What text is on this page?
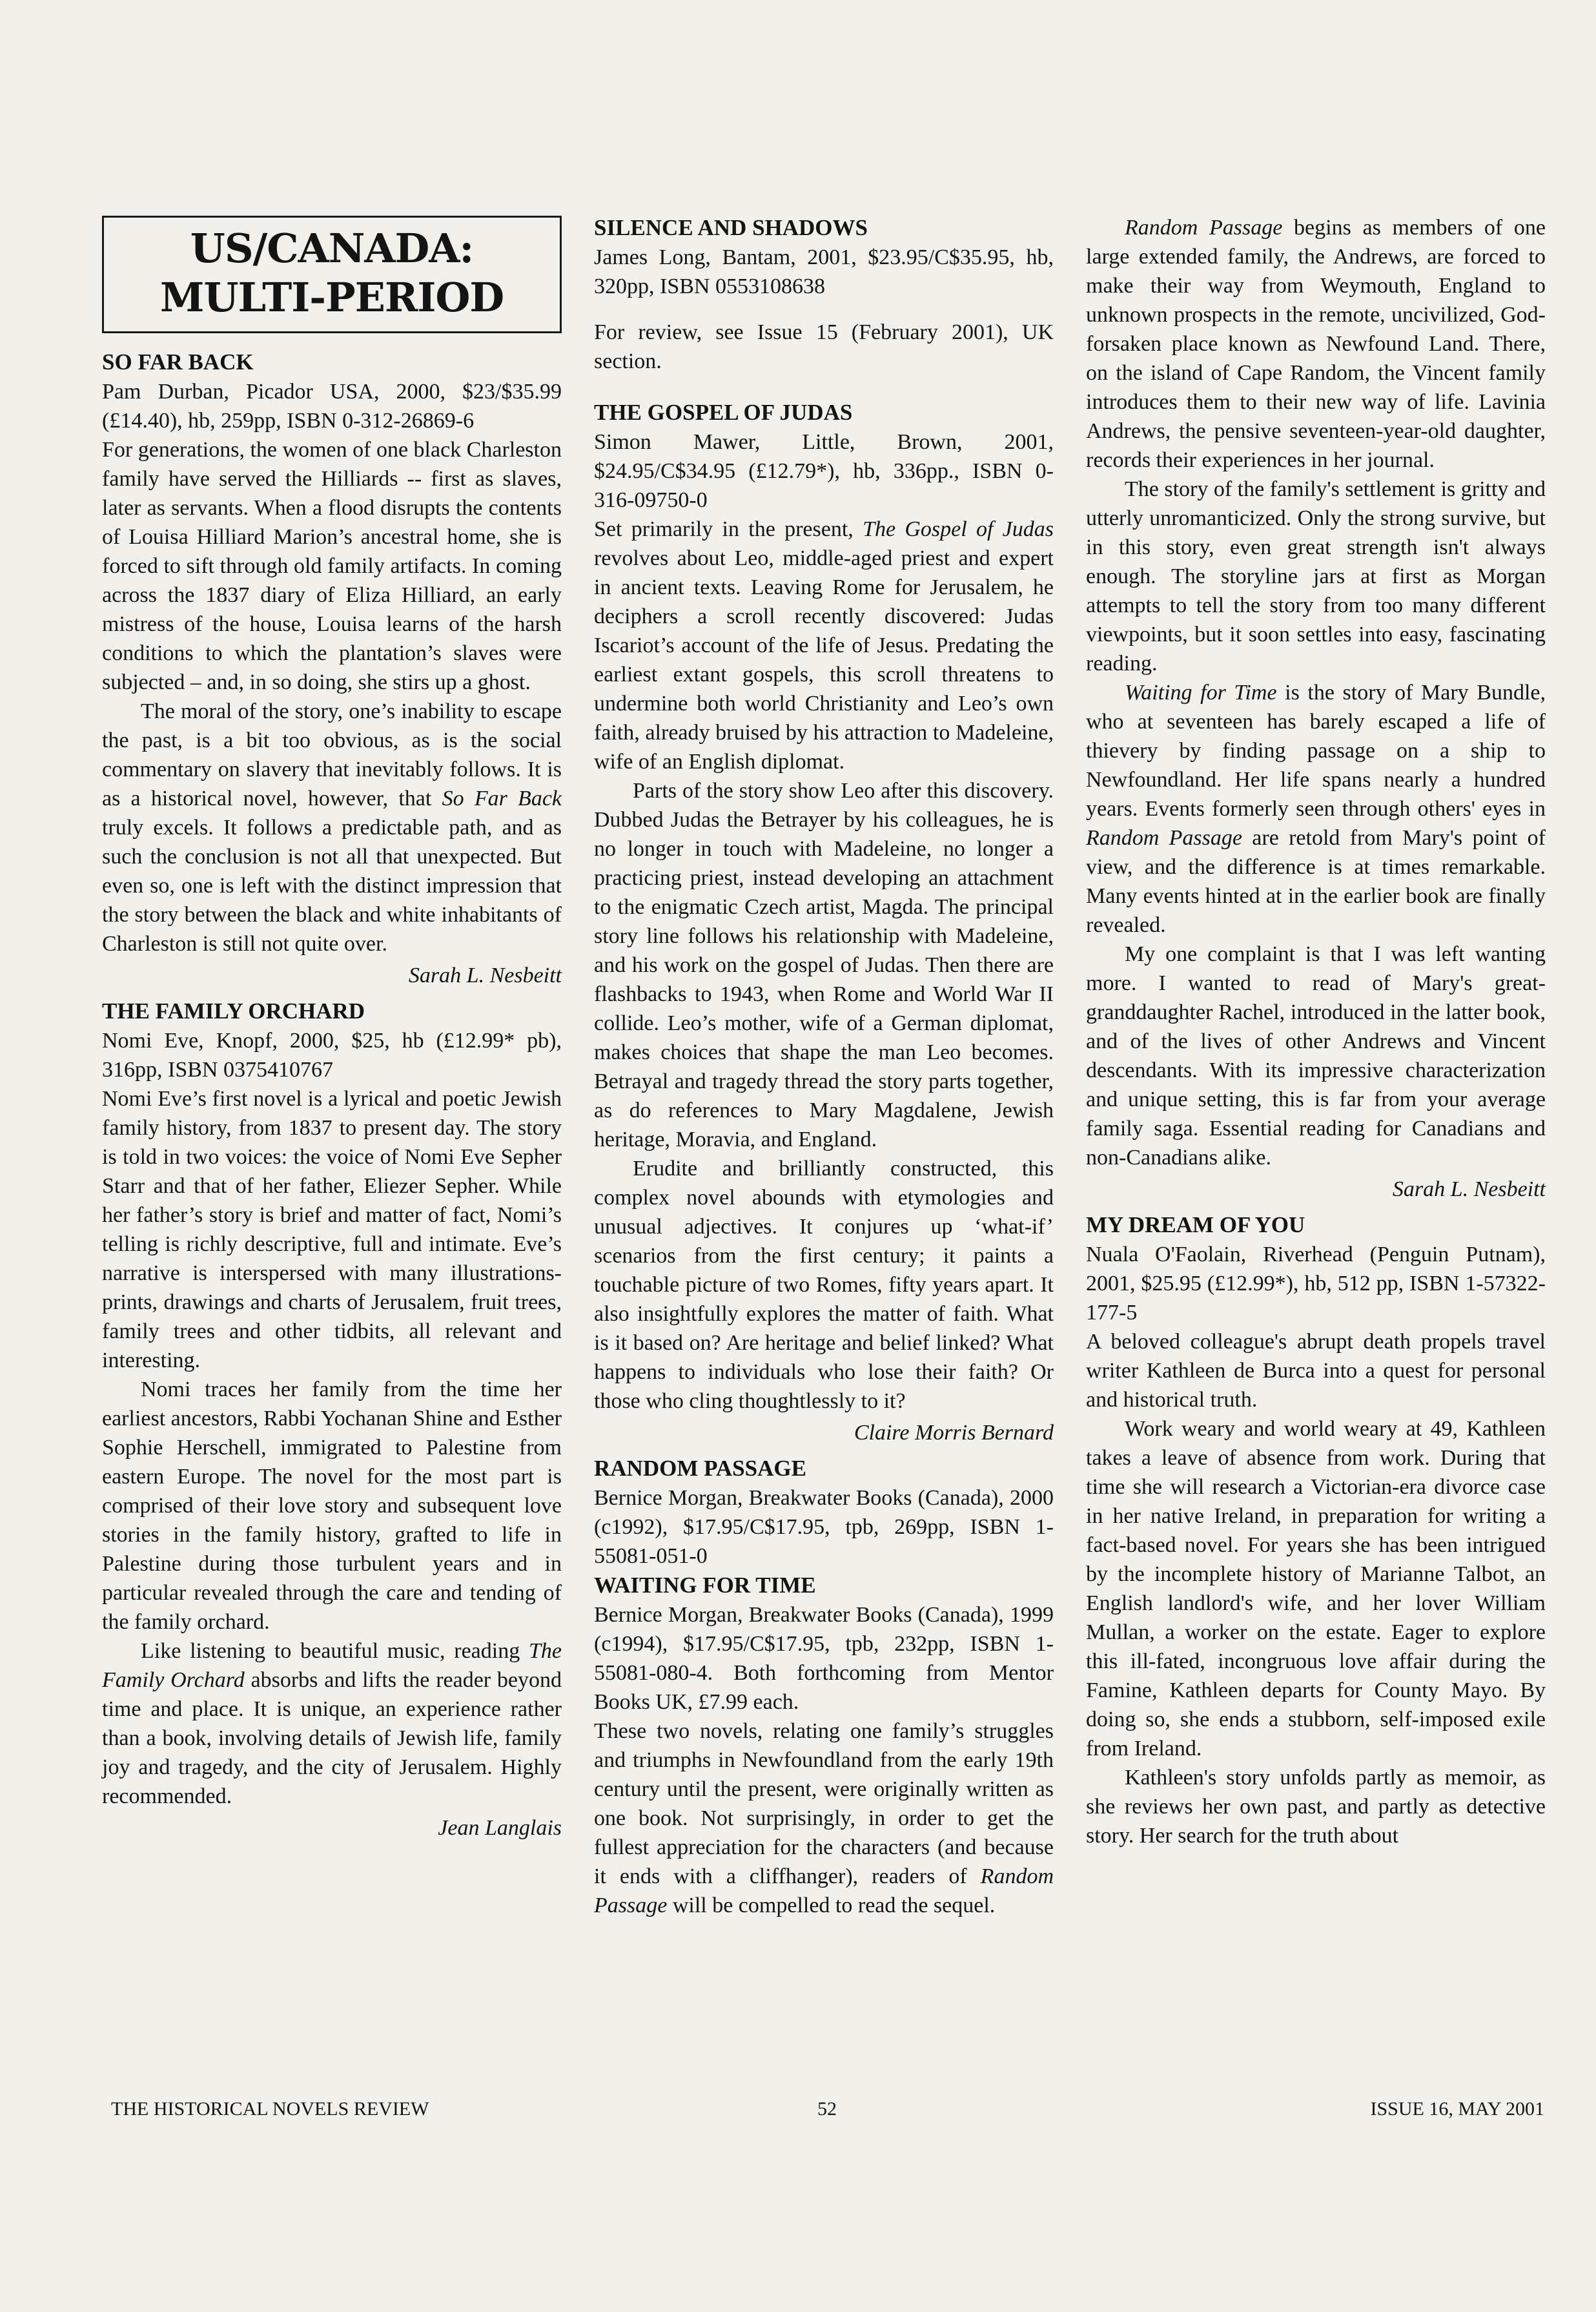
US/CANADA:
MULTI-PERIOD
SO FAR BACK

Pam Durban, Picador USA, 2000, $23/$35.99 (£14.40), hb, 259pp, ISBN 0-312-26869-6

For generations, the women of one black Charleston family have served the Hilliards -- first as slaves, later as servants. When a flood disrupts the contents of Louisa Hilliard Marion’s ancestral home, she is forced to sift through old family artifacts. In coming across the 1837 diary of Eliza Hilliard, an early mistress of the house, Louisa learns of the harsh conditions to which the plantation’s slaves were subjected – and, in so doing, she stirs up a ghost.

The moral of the story, one’s inability to escape the past, is a bit too obvious, as is the social commentary on slavery that inevitably follows. It is as a historical novel, however, that So Far Back truly excels. It follows a predictable path, and as such the conclusion is not all that unexpected. But even so, one is left with the distinct impression that the story between the black and white inhabitants of Charleston is still not quite over.

Sarah L. Nesbeitt

THE FAMILY ORCHARD

Nomi Eve, Knopf, 2000, $25, hb (£12.99* pb), 316pp, ISBN 0375410767

Nomi Eve’s first novel is a lyrical and poetic Jewish family history, from 1837 to present day. The story is told in two voices: the voice of Nomi Eve Sepher Starr and that of her father, Eliezer Sepher. While her father’s story is brief and matter of fact, Nomi’s telling is richly descriptive, full and intimate. Eve’s narrative is interspersed with many illustrations-prints, drawings and charts of Jerusalem, fruit trees, family trees and other tidbits, all relevant and interesting.

Nomi traces her family from the time her earliest ancestors, Rabbi Yochanan Shine and Esther Sophie Herschell, immigrated to Palestine from eastern Europe. The novel for the most part is comprised of their love story and subsequent love stories in the family history, grafted to life in Palestine during those turbulent years and in particular revealed through the care and tending of the family orchard.

Like listening to beautiful music, reading The Family Orchard absorbs and lifts the reader beyond time and place. It is unique, an experience rather than a book, involving details of Jewish life, family joy and tragedy, and the city of Jerusalem. Highly recommended.

Jean Langlais

SILENCE AND SHADOWS

James Long, Bantam, 2001, $23.95/C$35.95, hb, 320pp, ISBN 0553108638

For review, see Issue 15 (February 2001), UK section.

THE GOSPEL OF JUDAS

Simon Mawer, Little, Brown, 2001, $24.95/C$34.95 (£12.79*), hb, 336pp., ISBN 0-316-09750-0

Set primarily in the present, The Gospel of Judas revolves about Leo, middle-aged priest and expert in ancient texts. Leaving Rome for Jerusalem, he deciphers a scroll recently discovered: Judas Iscariot’s account of the life of Jesus. Predating the earliest extant gospels, this scroll threatens to undermine both world Christianity and Leo’s own faith, already bruised by his attraction to Madeleine, wife of an English diplomat.

Parts of the story show Leo after this discovery. Dubbed Judas the Betrayer by his colleagues, he is no longer in touch with Madeleine, no longer a practicing priest, instead developing an attachment to the enigmatic Czech artist, Magda. The principal story line follows his relationship with Madeleine, and his work on the gospel of Judas. Then there are flashbacks to 1943, when Rome and World War II collide. Leo’s mother, wife of a German diplomat, makes choices that shape the man Leo becomes. Betrayal and tragedy thread the story parts together, as do references to Mary Magdalene, Jewish heritage, Moravia, and England.

Erudite and brilliantly constructed, this complex novel abounds with etymologies and unusual adjectives. It conjures up ‘what-if’ scenarios from the first century; it paints a touchable picture of two Romes, fifty years apart. It also insightfully explores the matter of faith. What is it based on? Are heritage and belief linked? What happens to individuals who lose their faith? Or those who cling thoughtlessly to it?

Claire Morris Bernard

RANDOM PASSAGE

Bernice Morgan, Breakwater Books (Canada), 2000 (c1992), $17.95/C$17.95, tpb, 269pp, ISBN 1-55081-051-0

WAITING FOR TIME

Bernice Morgan, Breakwater Books (Canada), 1999 (c1994), $17.95/C$17.95, tpb, 232pp, ISBN 1-55081-080-4. Both forthcoming from Mentor Books UK, £7.99 each.

These two novels, relating one family’s struggles and triumphs in Newfoundland from the early 19th century until the present, were originally written as one book. Not surprisingly, in order to get the fullest appreciation for the characters (and because it ends with a cliffhanger), readers of Random Passage will be compelled to read the sequel.

Random Passage begins as members of one large extended family, the Andrews, are forced to make their way from Weymouth, England to unknown prospects in the remote, uncivilized, God-forsaken place known as Newfound Land. There, on the island of Cape Random, the Vincent family introduces them to their new way of life. Lavinia Andrews, the pensive seventeen-year-old daughter, records their experiences in her journal.

The story of the family's settlement is gritty and utterly unromanticized. Only the strong survive, but in this story, even great strength isn't always enough. The storyline jars at first as Morgan attempts to tell the story from too many different viewpoints, but it soon settles into easy, fascinating reading.

Waiting for Time is the story of Mary Bundle, who at seventeen has barely escaped a life of thievery by finding passage on a ship to Newfoundland. Her life spans nearly a hundred years. Events formerly seen through others' eyes in Random Passage are retold from Mary's point of view, and the difference is at times remarkable. Many events hinted at in the earlier book are finally revealed.

My one complaint is that I was left wanting more. I wanted to read of Mary's great-granddaughter Rachel, introduced in the latter book, and of the lives of other Andrews and Vincent descendants. With its impressive characterization and unique setting, this is far from your average family saga. Essential reading for Canadians and non-Canadians alike.

Sarah L. Nesbeitt

MY DREAM OF YOU

Nuala O'Faolain, Riverhead (Penguin Putnam), 2001, $25.95 (£12.99*), hb, 512 pp, ISBN 1-57322-177-5

A beloved colleague's abrupt death propels travel writer Kathleen de Burca into a quest for personal and historical truth.

Work weary and world weary at 49, Kathleen takes a leave of absence from work. During that time she will research a Victorian-era divorce case in her native Ireland, in preparation for writing a fact-based novel. For years she has been intrigued by the incomplete history of Marianne Talbot, an English landlord's wife, and her lover William Mullan, a worker on the estate. Eager to explore this ill-fated, incongruous love affair during the Famine, Kathleen departs for County Mayo. By doing so, she ends a stubborn, self-imposed exile from Ireland.

Kathleen's story unfolds partly as memoir, as she reviews her own past, and partly as detective story. Her search for the truth about

THE HISTORICAL NOVELS REVIEW	52	ISSUE 16, MAY 2001
